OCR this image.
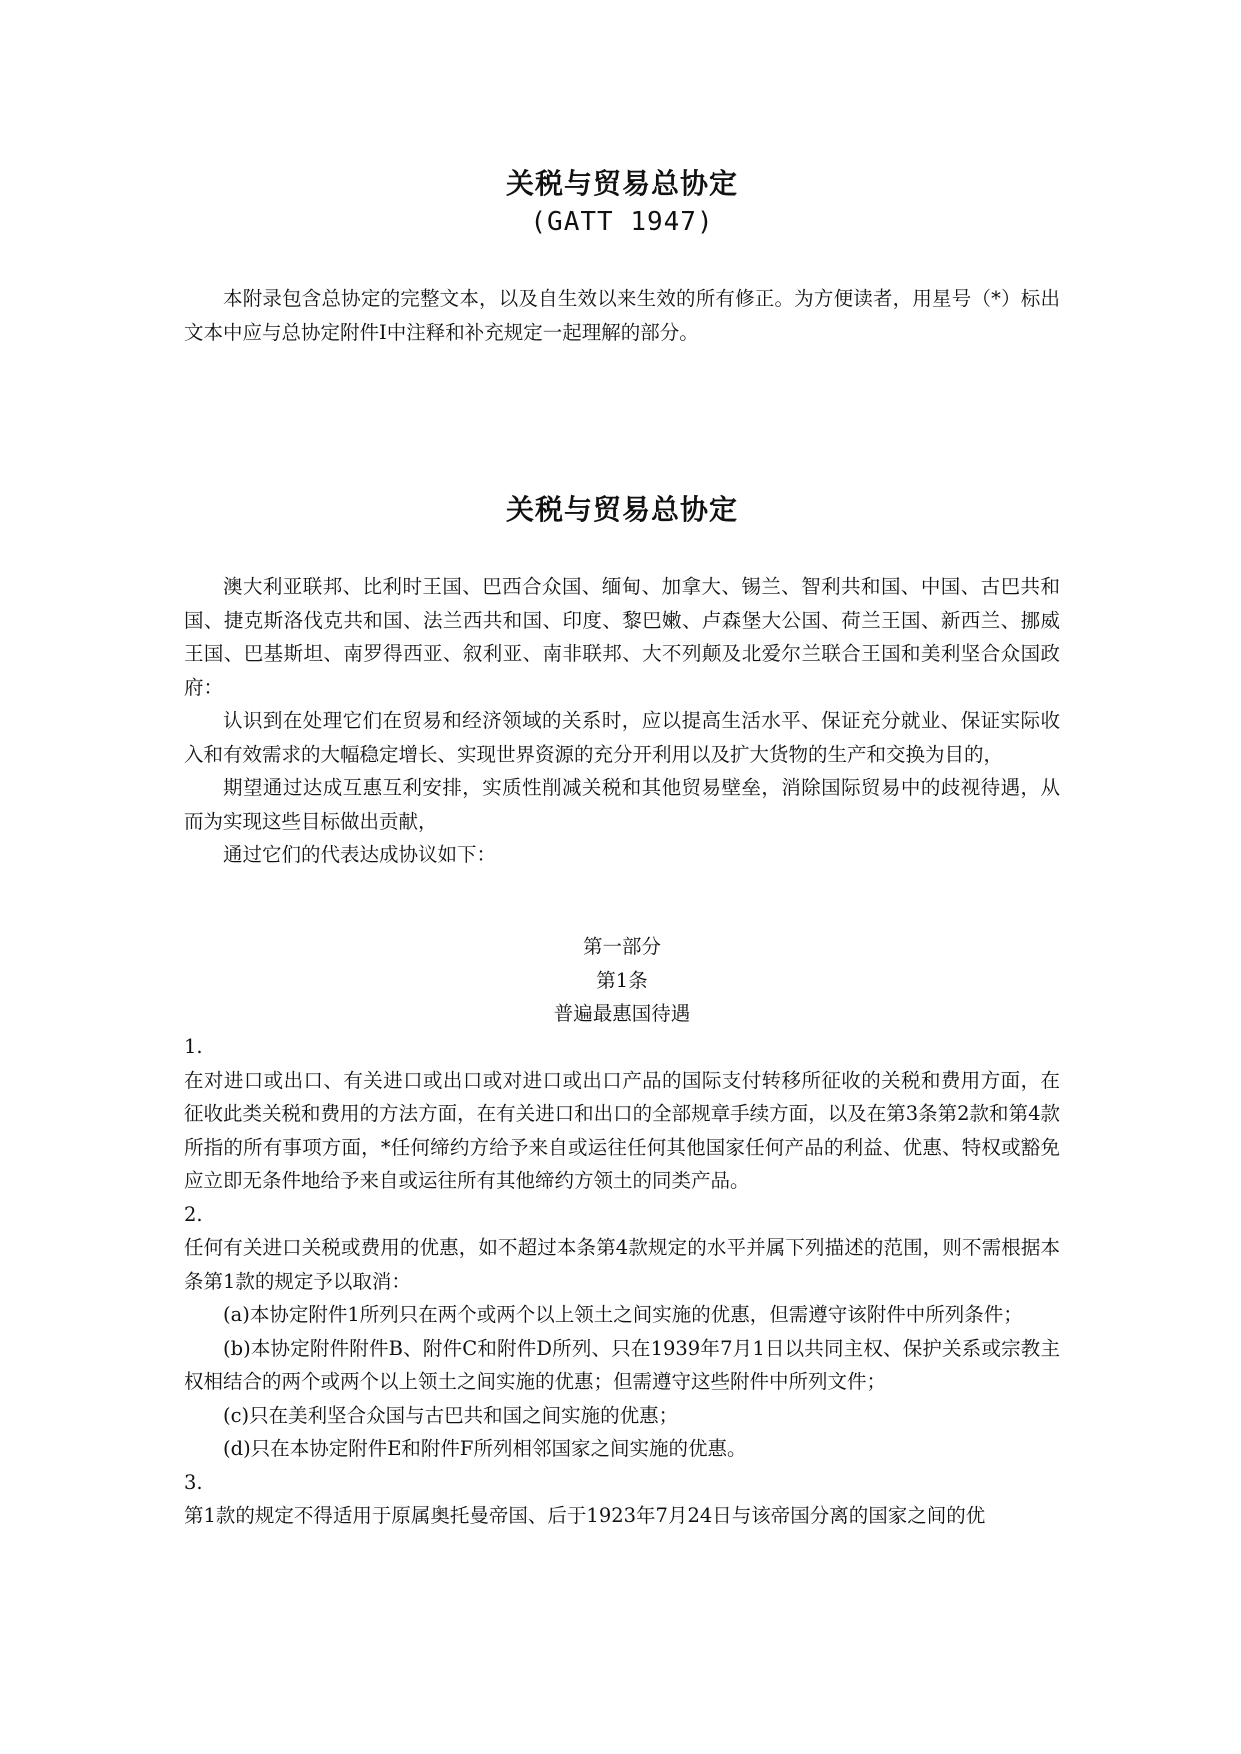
关税与贸易总协定
(GATT 1947)

本附录包含总协定的完整文本，以及自生效以来生效的所有修正。为方便读者，用星号（*）标出文本中应与总协定附件Ⅰ中注释和补充规定一起理解的部分。

关税与贸易总协定

澳大利亚联邦、比利时王国、巴西合众国、缅甸、加拿大、锡兰、智利共和国、中国、古巴共和国、捷克斯洛伐克共和国、法兰西共和国、印度、黎巴嫩、卢森堡大公国、荷兰王国、新西兰、挪威王国、巴基斯坦、南罗得西亚、叙利亚、南非联邦、大不列颠及北爱尔兰联合王国和美利坚合众国政府：

认识到在处理它们在贸易和经济领域的关系时，应以提高生活水平、保证充分就业、保证实际收入和有效需求的大幅稳定增长、实现世界资源的充分开利用以及扩大货物的生产和交换为目的，

期望通过达成互惠互利安排，实质性削减关税和其他贸易壁垒，消除国际贸易中的歧视待遇，从而为实现这些目标做出贡献，

通过它们的代表达成协议如下：

第一部分

第1条

普遍最惠国待遇

1.

在对进口或出口、有关进口或出口或对进口或出口产品的国际支付转移所征收的关税和费用方面，在征收此类关税和费用的方法方面，在有关进口和出口的全部规章手续方面，以及在第3条第2款和第4款所指的所有事项方面，*任何缔约方给予来自或运往任何其他国家任何产品的利益、优惠、特权或豁免应立即无条件地给予来自或运往所有其他缔约方领土的同类产品。

2.

任何有关进口关税或费用的优惠，如不超过本条第4款规定的水平并属下列描述的范围，则不需根据本条第1款的规定予以取消：

(a)本协定附件1所列只在两个或两个以上领土之间实施的优惠，但需遵守该附件中所列条件；

(b)本协定附件附件B、附件C和附件D所列、只在1939年7月1日以共同主权、保护关系或宗教主权相结合的两个或两个以上领土之间实施的优惠；但需遵守这些附件中所列文件；

(c)只在美利坚合众国与古巴共和国之间实施的优惠；

(d)只在本协定附件E和附件F所列相邻国家之间实施的优惠。

3.

第1款的规定不得适用于原属奥托曼帝国、后于1923年7月24日与该帝国分离的国家之间的优
